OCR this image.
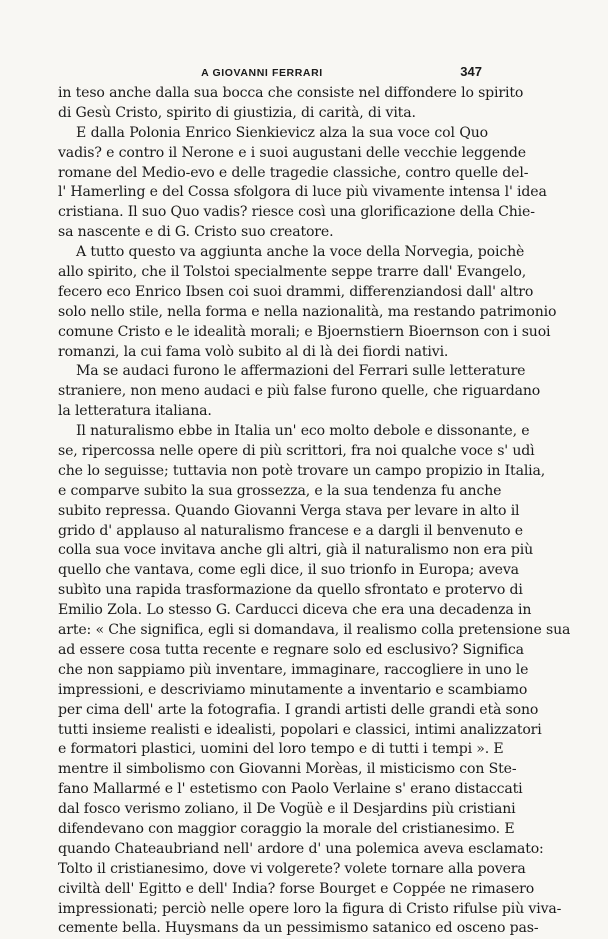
A GIOVANNI FERRARI	347
in teso anche dalla sua bocca che consiste nel diffondere lo spirito
di Gesù Cristo, spirito di giustizia, di carità, di vita.
E dalla Polonia Enrico Sienkievicz alza la sua voce col Quo
vadis? e contro il Nerone e i suoi augustani delle vecchie leggende
romane del Medio-evo e delle tragedie classiche, contro quelle del-
l' Hamerling e del Cossa sfolgora di luce più vivamente intensa l' idea
cristiana. Il suo Quo vadis? riesce così una glorificazione della Chie-
sa nascente e di G. Cristo suo creatore.
A tutto questo va aggiunta anche la voce della Norvegia, poichè
allo spirito, che il Tolstoi specialmente seppe trarre dall' Evangelo,
fecero eco Enrico Ibsen coi suoi drammi, differenziandosi dall' altro
solo nello stile, nella forma e nella nazionalità, ma restando patrimonio
comune Cristo e le idealità morali; e Bjoernstiern Bioernson con i suoi
romanzi, la cui fama volò subito al di là dei fiordi nativi.
Ma se audaci furono le affermazioni del Ferrari sulle letterature
straniere, non meno audaci e più false furono quelle, che riguardano
la letteratura italiana.
Il naturalismo ebbe in Italia un' eco molto debole e dissonante, e
se, ripercossa nelle opere di più scrittori, fra noi qualche voce s' udì
che lo seguisse; tuttavia non potè trovare un campo propizio in Italia,
e comparve subito la sua grossezza, e la sua tendenza fu anche
subito repressa. Quando Giovanni Verga stava per levare in alto il
grido d' applauso al naturalismo francese e a dargli il benvenuto e
colla sua voce invitava anche gli altri, già il naturalismo non era più
quello che vantava, come egli dice, il suo trionfo in Europa; aveva
subìto una rapida trasformazione da quello sfrontato e protervo di
Emilio Zola. Lo stesso G. Carducci diceva che era una decadenza in
arte: « Che significa, egli si domandava, il realismo colla pretensione sua
ad essere cosa tutta recente e regnare solo ed esclusivo? Significa
che non sappiamo più inventare, immaginare, raccogliere in uno le
impressioni, e descriviamo minutamente a inventario e scambiamo
per cima dell' arte la fotografia. I grandi artisti delle grandi età sono
tutti insieme realisti e idealisti, popolari e classici, intimi analizzatori
e formatori plastici, uomini del loro tempo e di tutti i tempi ». E
mentre il simbolismo con Giovanni Morèas, il misticismo con Ste-
fano Mallarmé e l' estetismo con Paolo Verlaine s' erano distaccati
dal fosco verismo zoliano, il De Vogüè e il Desjardins più cristiani
difendevano con maggior coraggio la morale del cristianesimo. E
quando Chateaubriand nell' ardore d' una polemica aveva esclamato:
Tolto il cristianesimo, dove vi volgerete? volete tornare alla povera
civiltà dell' Egitto e dell' India? forse Bourget e Coppée ne rimasero
impressionati; perciò nelle opere loro la figura di Cristo rifulse più viva-
cemente bella. Huysmans da un pessimismo satanico ed osceno pas-
